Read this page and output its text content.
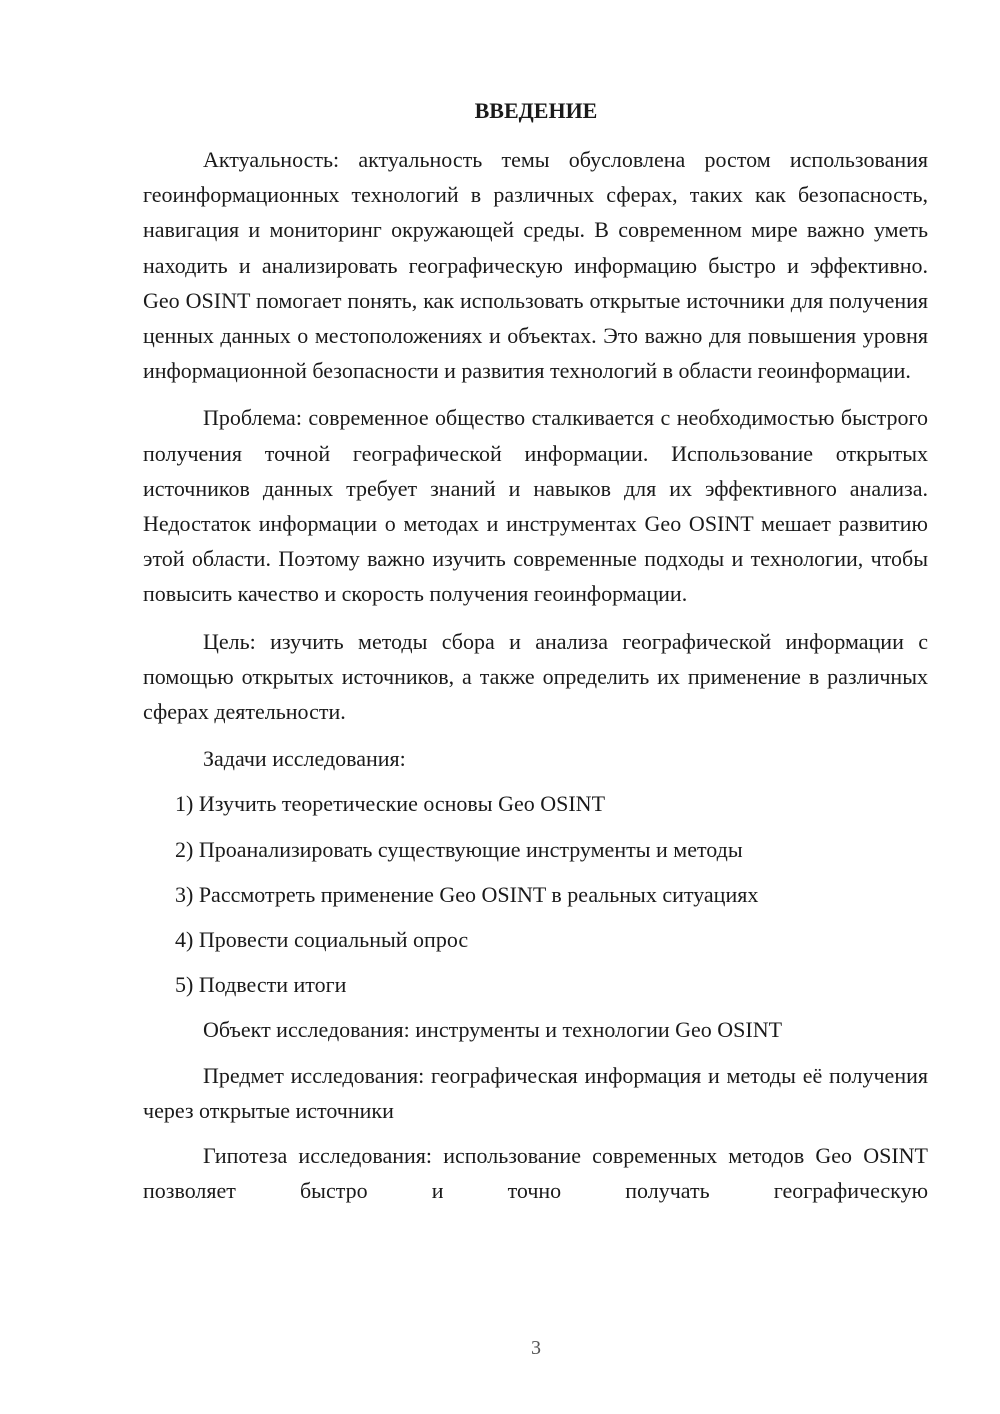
ВВЕДЕНИЕ

Актуальность: актуальность темы обусловлена ростом использования геоинформационных технологий в различных сферах, таких как безопасность, навигация и мониторинг окружающей среды. В современном мире важно уметь находить и анализировать географическую информацию быстро и эффективно. Geo OSINT помогает понять, как использовать открытые источники для получения ценных данных о местоположениях и объектах. Это важно для повышения уровня информационной безопасности и развития технологий в области геоинформации.

Проблема: современное общество сталкивается с необходимостью быстрого получения точной географической информации. Использование открытых источников данных требует знаний и навыков для их эффективного анализа. Недостаток информации о методах и инструментах Geo OSINT мешает развитию этой области. Поэтому важно изучить современные подходы и технологии, чтобы повысить качество и скорость получения геоинформации.

Цель: изучить методы сбора и анализа географической информации с помощью открытых источников, а также определить их применение в различных сферах деятельности.

Задачи исследования:

1) Изучить теоретические основы Geo OSINT

2) Проанализировать существующие инструменты и методы

3) Рассмотреть применение Geo OSINT в реальных ситуациях

4) Провести социальный опрос

5) Подвести итоги

Объект исследования: инструменты и технологии Geo OSINT

Предмет исследования: географическая информация и методы её получения через открытые источники

Гипотеза исследования: использование современных методов Geo OSINT позволяет быстро и точно получать географическую

3
